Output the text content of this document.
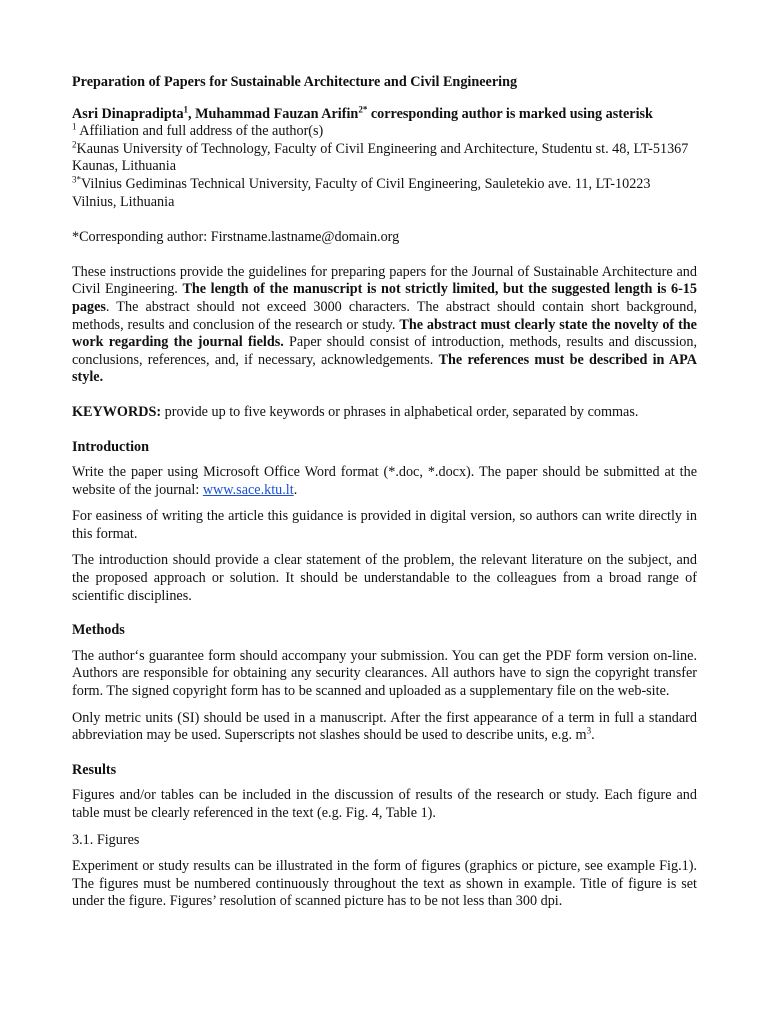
Preparation of Papers for Sustainable Architecture and Civil Engineering

Asri Dinapradipta$^1$, Muhammad Fauzan Arifin$^{2*}$ corresponding author is marked using asterisk

$^1$ Affiliation and full address of the author(s)

$^2$Kaunas University of Technology, Faculty of Civil Engineering and Architecture, Studentu st. 48, LT-51367 Kaunas, Lithuania

$^{3*}$Vilnius Gediminas Technical University, Faculty of Civil Engineering, Sauletekio ave. 11, LT-10223 Vilnius, Lithuania

*Corresponding author: Firstname.lastname@domain.org

These instructions provide the guidelines for preparing papers for the Journal of Sustainable Architecture and Civil Engineering. The length of the manuscript is not strictly limited, but the suggested length is 6-15 pages. The abstract should not exceed 3000 characters. The abstract should contain short background, methods, results and conclusion of the research or study. The abstract must clearly state the novelty of the work regarding the journal fields. Paper should consist of introduction, methods, results and discussion, conclusions, references, and, if necessary, acknowledgements. The references must be described in APA style.

KEYWORDS: provide up to five keywords or phrases in alphabetical order, separated by commas.

Introduction

Write the paper using Microsoft Office Word format (*.doc, *.docx). The paper should be submitted at the website of the journal: www.sace.ktu.lt.

For easiness of writing the article this guidance is provided in digital version, so authors can write directly in this format.

The introduction should provide a clear statement of the problem, the relevant literature on the subject, and the proposed approach or solution. It should be understandable to the colleagues from a broad range of scientific disciplines.

Methods

The author‘s guarantee form should accompany your submission. You can get the PDF form version on-line. Authors are responsible for obtaining any security clearances. All authors have to sign the copyright transfer form. The signed copyright form has to be scanned and uploaded as a supplementary file on the web-site.

Only metric units (SI) should be used in a manuscript. After the first appearance of a term in full a standard abbreviation may be used. Superscripts not slashes should be used to describe units, e.g. $m^3$.

Results

Figures and/or tables can be included in the discussion of results of the research or study. Each figure and table must be clearly referenced in the text (e.g. Fig. 4, Table 1).

3.1. Figures

Experiment or study results can be illustrated in the form of figures (graphics or picture, see example Fig.1). The figures must be numbered continuously throughout the text as shown in example. Title of figure is set under the figure. Figures’ resolution of scanned picture has to be not less than 300 dpi.
